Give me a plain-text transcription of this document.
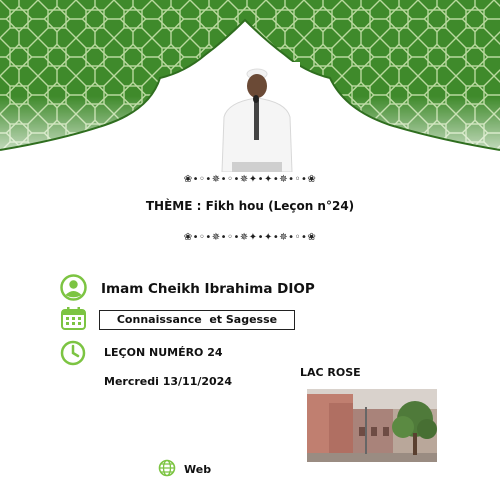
❀•◦•✵•◦•✵✦•✦•✵•◦•❀
THÈME : Fikh hou (Leçon n°24)
❀•◦•✵•◦•✵✦•✦•✵•◦•❀
Imam Cheikh Ibrahima DIOP
Connaissance  et Sagesse
LEÇON NUMÉRO 24
Mercredi 13/11/2024
LAC ROSE
Web
